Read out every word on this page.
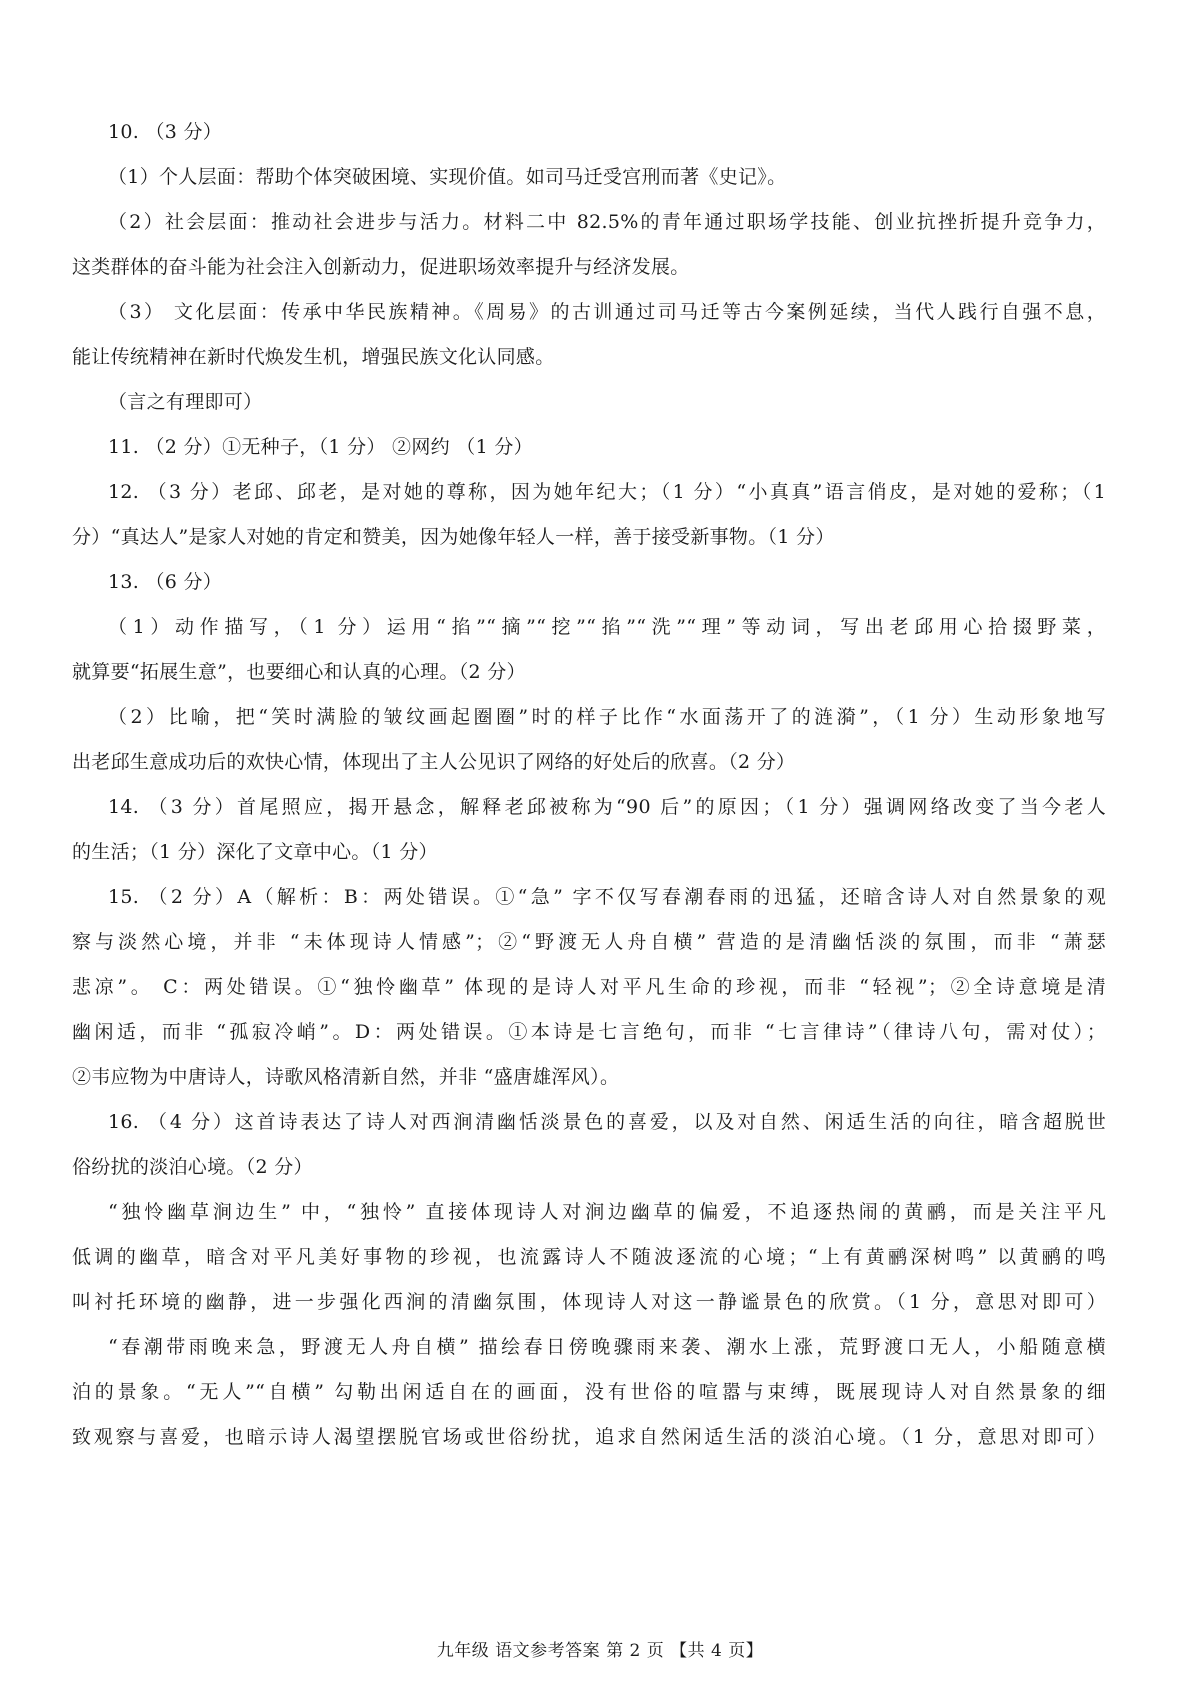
10. （3 分）
（1）个人层面：帮助个体突破困境、实现价值。如司马迁受宫刑而著《史记》。
（2）社会层面：推动社会进步与活力。材料二中 82.5%的青年通过职场学技能、创业抗挫折提升竞争力，
这类群体的奋斗能为社会注入创新动力，促进职场效率提升与经济发展。
（3） 文化层面：传承中华民族精神。《周易》的古训通过司马迁等古今案例延续，当代人践行自强不息，
能让传统精神在新时代焕发生机，增强民族文化认同感。
（言之有理即可）
11. （2 分）①无种子，（1 分） ②网约 （1 分）
12. （3 分）老邱、邱老，是对她的尊称，因为她年纪大；（1 分）“小真真”语言俏皮，是对她的爱称；（1
分）“真达人”是家人对她的肯定和赞美，因为她像年轻人一样，善于接受新事物。（1 分）
13. （6 分）
（1）动作描写，（1 分）运用“掐”“摘”“挖”“掐”“洗”“理”等动词，写出老邱用心拾掇野菜，
就算要“拓展生意”，也要细心和认真的心理。（2 分）
（2）比喻，把“笑时满脸的皱纹画起圈圈”时的样子比作“水面荡开了的涟漪”，（1 分）生动形象地写
出老邱生意成功后的欢快心情，体现出了主人公见识了网络的好处后的欣喜。（2 分）
14. （3 分）首尾照应，揭开悬念，解释老邱被称为“90 后”的原因；（1 分）强调网络改变了当今老人
的生活；（1 分）深化了文章中心。（1 分）
15. （2 分）A（解析：B：两处错误。①“急” 字不仅写春潮春雨的迅猛，还暗含诗人对自然景象的观
察与淡然心境，并非 “未体现诗人情感”；②“野渡无人舟自横” 营造的是清幽恬淡的氛围，而非 “萧瑟
悲凉”。 C：两处错误。①“独怜幽草” 体现的是诗人对平凡生命的珍视，而非 “轻视”；②全诗意境是清
幽闲适，而非 “孤寂冷峭”。D：两处错误。①本诗是七言绝句，而非 “七言律诗”（律诗八句，需对仗）；
②韦应物为中唐诗人，诗歌风格清新自然，并非 “盛唐雄浑风）。
16. （4 分）这首诗表达了诗人对西涧清幽恬淡景色的喜爱，以及对自然、闲适生活的向往，暗含超脱世
俗纷扰的淡泊心境。（2 分）
“独怜幽草涧边生” 中，“独怜” 直接体现诗人对涧边幽草的偏爱，不追逐热闹的黄鹂，而是关注平凡
低调的幽草，暗含对平凡美好事物的珍视，也流露诗人不随波逐流的心境；“上有黄鹂深树鸣” 以黄鹂的鸣
叫衬托环境的幽静，进一步强化西涧的清幽氛围，体现诗人对这一静谧景色的欣赏。（1 分，意思对即可）
“春潮带雨晚来急，野渡无人舟自横” 描绘春日傍晚骤雨来袭、潮水上涨，荒野渡口无人，小船随意横
泊的景象。“无人”“自横” 勾勒出闲适自在的画面，没有世俗的喧嚣与束缚，既展现诗人对自然景象的细
致观察与喜爱，也暗示诗人渴望摆脱官场或世俗纷扰，追求自然闲适生活的淡泊心境。（1 分，意思对即可）
九年级 语文参考答案 第 2 页 【共 4 页】
